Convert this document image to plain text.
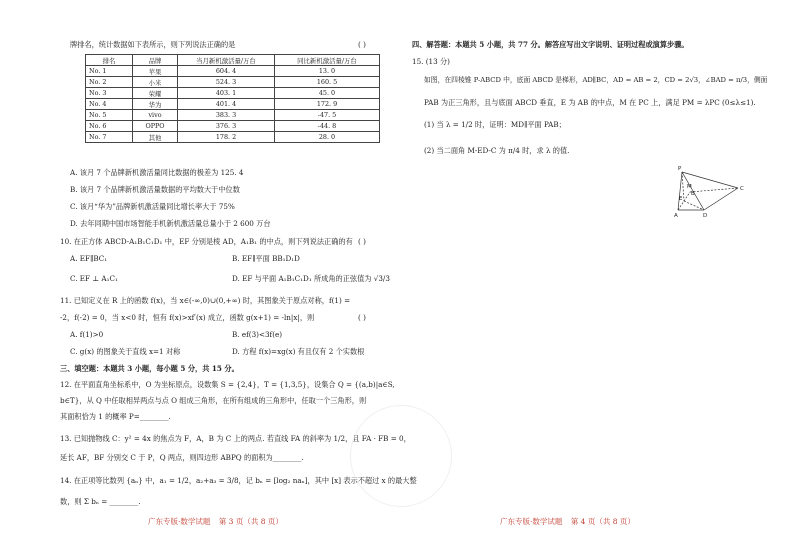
牌排名，统计数据如下表所示，则下列说法正确的是	( )
排名	品牌	当月新机激活量/万台	同比新机激活量/万台
No. 1	苹果	604. 4	13. 0
No. 2	小米	524. 3	160. 5
No. 3	荣耀	403. 1	45. 0
No. 4	华为	401. 4	172. 9
No. 5	vivo	383. 3	-47. 5
No. 6	OPPO	376. 3	-44. 8
No. 7	其他	178. 2	28. 0
A. 该月 7 个品牌新机激活量同比数据的极差为 125. 4
B. 该月 7 个品牌新机激活量数据的平均数大于中位数
C. 该月“华为”品牌新机激活量同比增长率大于 75%
D. 去年同期中国市场智能手机新机激活量总量小于 2 600 万台
10. 在正方体 ABCD-A₁B₁C₁D₁ 中，EF 分别是棱 AD，A₁B₁ 的中点，则下列说法正确的有 ( )
A. EF∥BC₁	B. EF∥平面 BB₁D₁D
C. EF ⊥ A₁C₁	D. EF 与平面 A₁B₁C₁D₁ 所成角的正弦值为 √3/3
11. 已知定义在 R 上的函数 f(x)，当 x∈(-∞,0)∪(0,+∞) 时，其图象关于原点对称，f(1) =
-2，f(-2) = 0，当 x<0 时，恒有 f(x)>xf′(x) 成立，函数 g(x+1) = -ln|x|，则	( )
A. f(1)>0	B. ef(3)<3f(e)
C. g(x) 的图象关于直线 x=1 对称	D. 方程 f(x)=xg(x) 有且仅有 2 个实数根
三、填空题：本题共 3 小题，每小题 5 分，共 15 分。
12. 在平面直角坐标系中，O 为坐标原点，设数集 S = {2,4}，T = {1,3,5}，设集合 Q = {(a,b)|a∈S,
b∈T}，从 Q 中任取相异两点与点 O 组成三角形，在所有组成的三角形中，任取一个三角形，则
其面积恰为 1 的概率 P=________.
13. 已知抛物线 C：y² = 4x 的焦点为 F，A，B 为 C 上的两点. 若直线 FA 的斜率为 1/2，且 FA · FB = 0，
延长 AF，BF 分别交 C 于 P，Q 两点，则四边形 ABPQ 的面积为________.
14. 在正项等比数列 {aₙ} 中，a₁ = 1/2，a₂+a₃ = 3/8，记 bₙ = [log₂ naₙ]，其中 [x] 表示不超过 x 的最大整
数，则 Σ bₙ = ________.
广东专版·数学试题 第 3 页（共 8 页）
四、解答题：本题共 5 小题，共 77 分。解答应写出文字说明、证明过程或演算步骤。
15. (13 分)
如图，在四棱锥 P-ABCD 中，底面 ABCD 是梯形，AD∥BC，AD = AB = 2，CD = 2√3，∠BAD = π/3，侧面
PAB 为正三角形，且与底面 ABCD 垂直，E 为 AB 的中点，M 在 PC 上，满足 PM = λPC (0≤λ≤1).
(1) 当 λ = 1/2 时，证明：MD∥平面 PAB；
(2) 当二面角 M-ED-C 为 π/4 时，求 λ 的值.
P
M
E
B
C
A	D
广东专版·数学试题 第 4 页（共 8 页）
